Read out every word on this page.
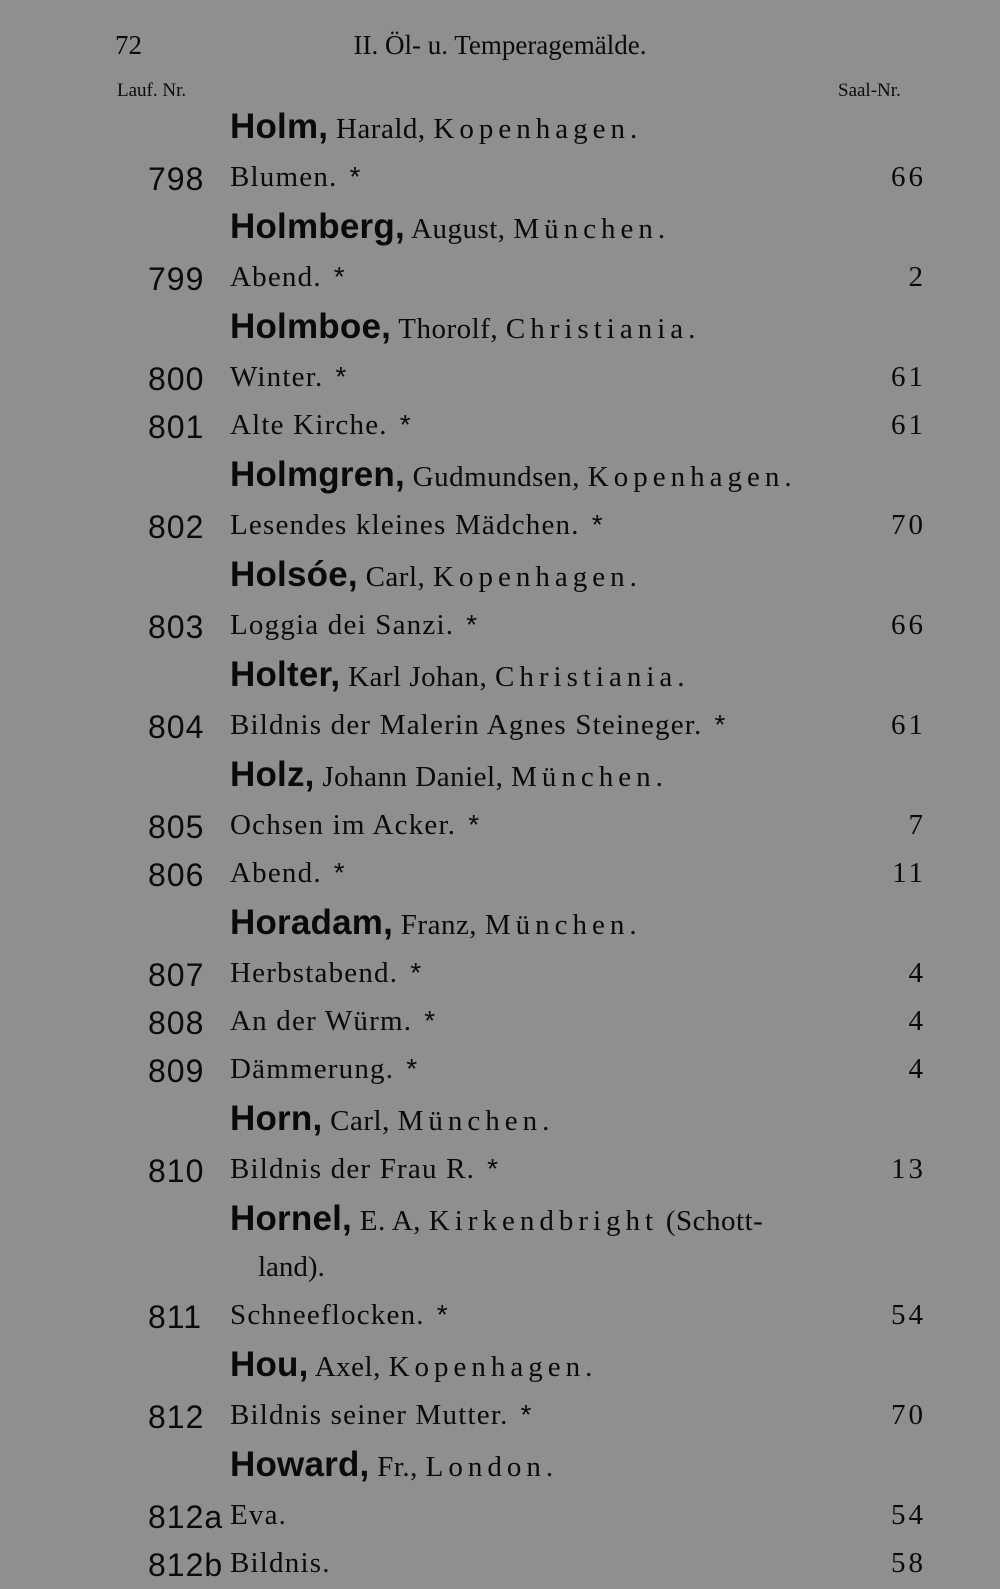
72	II. Öl- u. Temperagemälde.
Lauf. Nr.	Saal-Nr.
Holm, Harald, Kopenhagen.
798 Blumen. *	66
Holmberg, August, München.
799 Abend. *	2
Holmboe, Thorolf, Christiania.
800 Winter. *	61
801 Alte Kirche. *	61
Holmgren, Gudmundsen, Kopenhagen.
802 Lesendes kleines Mädchen. *	70
Holsóe, Carl, Kopenhagen.
803 Loggia dei Sanzi. *	66
Holter, Karl Johan, Christiania.
804 Bildnis der Malerin Agnes Steineger. *	61
Holz, Johann Daniel, München.
805 Ochsen im Acker. *	7
806 Abend. *	11
Horadam, Franz, München.
807 Herbstabend. *	4
808 An der Würm. *	4
809 Dämmerung. *	4
Horn, Carl, München.
810 Bildnis der Frau R. *	13
Hornel, E. A, Kirkendbright (Schott-
land).
811 Schneeflocken. *	54
Hou, Axel, Kopenhagen.
812 Bildnis seiner Mutter. *	70
Howard, Fr., London.
812a Eva.	54
812b Bildnis.	58
